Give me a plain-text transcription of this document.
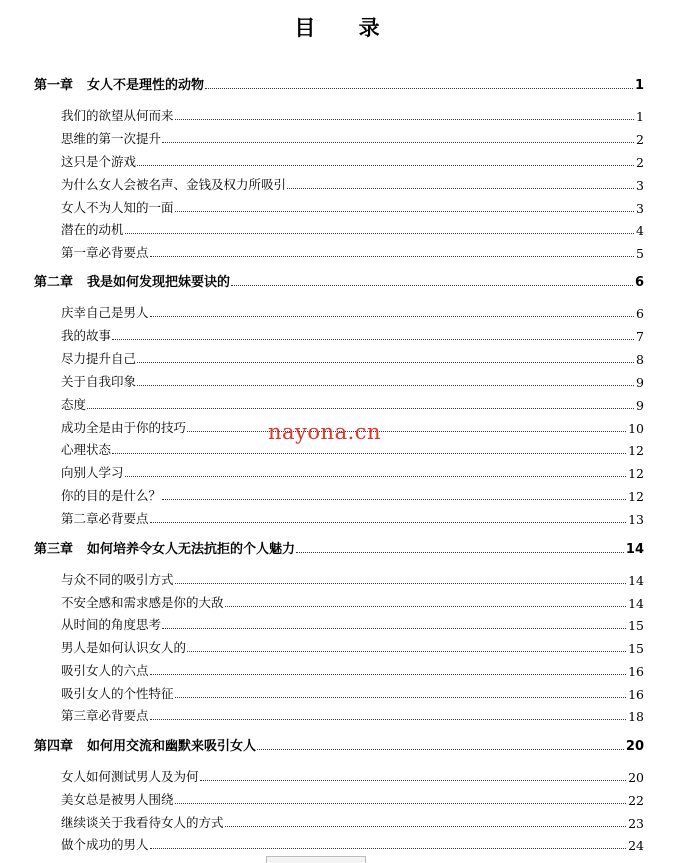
目 录
第一章 女人不是理性的动物	1
我们的欲望从何而来	1
思维的第一次提升	2
这只是个游戏	2
为什么女人会被名声、金钱及权力所吸引	3
女人不为人知的一面	3
潜在的动机	4
第一章必背要点	5
第二章 我是如何发现把妹要诀的	6
庆幸自己是男人	6
我的故事	7
尽力提升自己	8
关于自我印象	9
态度	9
成功全是由于你的技巧	10
心理状态	12
向别人学习	12
你的目的是什么？	12
第二章必背要点	13
第三章 如何培养令女人无法抗拒的个人魅力	14
与众不同的吸引方式	14
不安全感和需求感是你的大敌	14
从时间的角度思考	15
男人是如何认识女人的	15
吸引女人的六点	16
吸引女人的个性特征	16
第三章必背要点	18
第四章 如何用交流和幽默来吸引女人	20
女人如何测试男人及为何	20
美女总是被男人围绕	22
继续谈关于我看待女人的方式	23
做个成功的男人	24
nayona.cn
